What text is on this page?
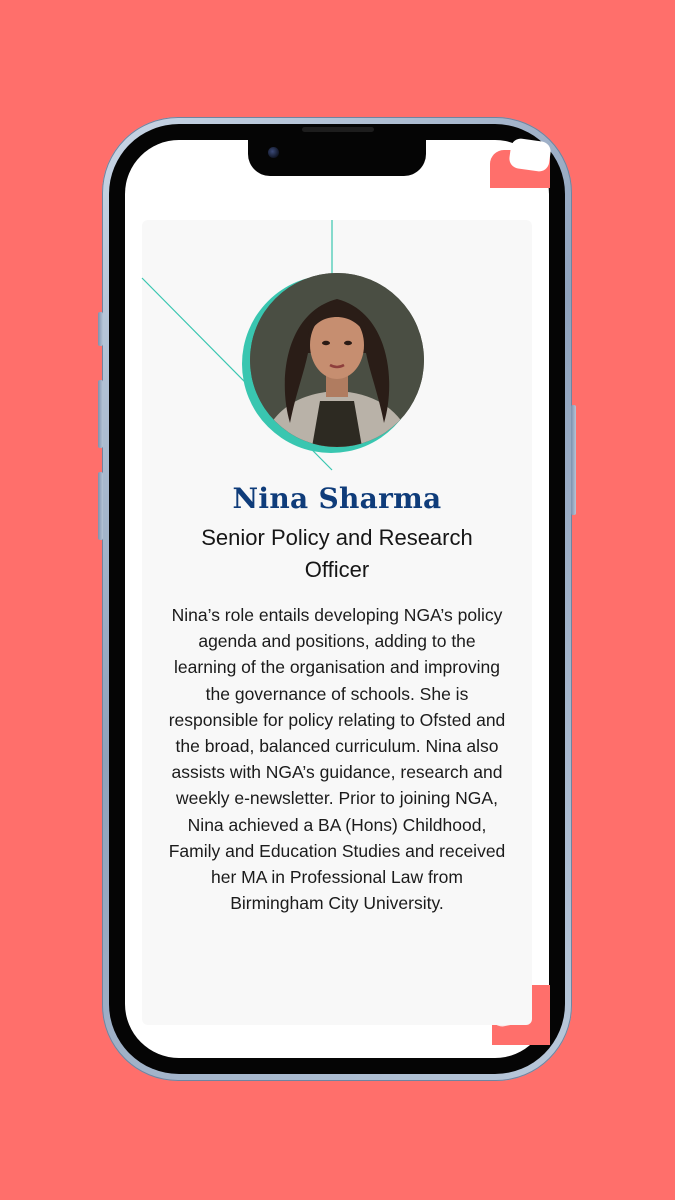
Nina Sharma
Senior Policy and Research Officer
Nina’s role entails developing NGA’s policy agenda and positions, adding to the learning of the organisation and improving the governance of schools. She is responsible for policy relating to Ofsted and the broad, balanced curriculum. Nina also assists with NGA’s guidance, research and weekly e-newsletter. Prior to joining NGA, Nina achieved a BA (Hons) Childhood, Family and Education Studies and received her MA in Professional Law from Birmingham City University.
